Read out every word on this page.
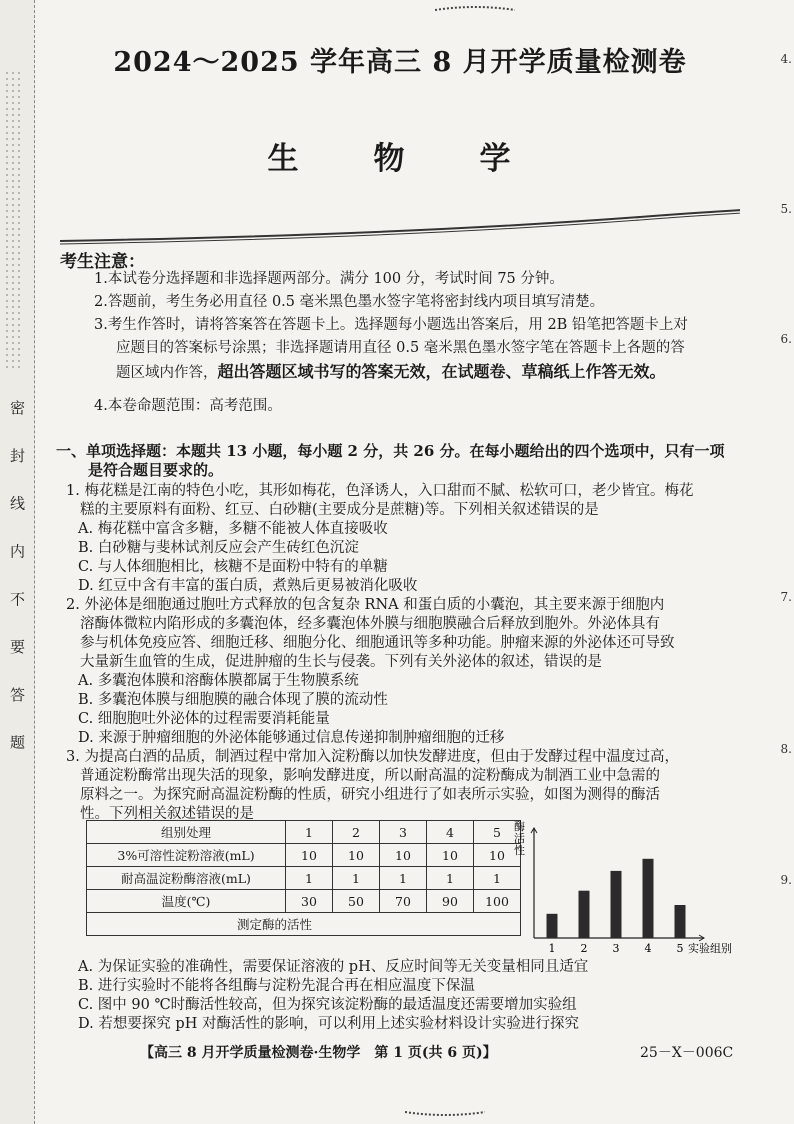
密 封 线 内 不 要 答 题
4.
5.
6.
7.
8.
9.
2024～2025 学年高三 8 月开学质量检测卷
生　物　学
考生注意：
1.本试卷分选择题和非选择题两部分。满分 100 分，考试时间 75 分钟。
2.答题前，考生务必用直径 0.5 毫米黑色墨水签字笔将密封线内项目填写清楚。
3.考生作答时，请将答案答在答题卡上。选择题每小题选出答案后，用 2B 铅笔把答题卡上对
应题目的答案标号涂黑；非选择题请用直径 0.5 毫米黑色墨水签字笔在答题卡上各题的答
题区域内作答，超出答题区域书写的答案无效，在试题卷、草稿纸上作答无效。
4.本卷命题范围：高考范围。
一、单项选择题：本题共 13 小题，每小题 2 分，共 26 分。在每小题给出的四个选项中，只有一项
是符合题目要求的。
1. 梅花糕是江南的特色小吃，其形如梅花，色泽诱人，入口甜而不腻、松软可口，老少皆宜。梅花
糕的主要原料有面粉、红豆、白砂糖(主要成分是蔗糖)等。下列相关叙述错误的是
A. 梅花糕中富含多糖，多糖不能被人体直接吸收
B. 白砂糖与斐林试剂反应会产生砖红色沉淀
C. 与人体细胞相比，核糖不是面粉中特有的单糖
D. 红豆中含有丰富的蛋白质，煮熟后更易被消化吸收
2. 外泌体是细胞通过胞吐方式释放的包含复杂 RNA 和蛋白质的小囊泡，其主要来源于细胞内
溶酶体微粒内陷形成的多囊泡体，经多囊泡体外膜与细胞膜融合后释放到胞外。外泌体具有
参与机体免疫应答、细胞迁移、细胞分化、细胞通讯等多种功能。肿瘤来源的外泌体还可导致
大量新生血管的生成，促进肿瘤的生长与侵袭。下列有关外泌体的叙述，错误的是
A. 多囊泡体膜和溶酶体膜都属于生物膜系统
B. 多囊泡体膜与细胞膜的融合体现了膜的流动性
C. 细胞胞吐外泌体的过程需要消耗能量
D. 来源于肿瘤细胞的外泌体能够通过信息传递抑制肿瘤细胞的迁移
3. 为提高白酒的品质，制酒过程中常加入淀粉酶以加快发酵进度，但由于发酵过程中温度过高，
普通淀粉酶常出现失活的现象，影响发酵进度，所以耐高温的淀粉酶成为制酒工业中急需的
原料之一。为探究耐高温淀粉酶的性质，研究小组进行了如表所示实验，如图为测得的酶活
性。下列相关叙述错误的是
组别处理	1	2	3	4	5
3%可溶性淀粉溶液(mL)	10	10	10	10	10
耐高温淀粉酶溶液(mL)	1	1	1	1	1
温度(℃)	30	50	70	90	100
测定酶的活性					
酶活性
1 2 3 4 5 实验组别
A. 为保证实验的准确性，需要保证溶液的 pH、反应时间等无关变量相同且适宜
B. 进行实验时不能将各组酶与淀粉先混合再在相应温度下保温
C. 图中 90 ℃时酶活性较高，但为探究该淀粉酶的最适温度还需要增加实验组
D. 若想要探究 pH 对酶活性的影响，可以利用上述实验材料设计实验进行探究
【高三 8 月开学质量检测卷·生物学　第 1 页(共 6 页)】	25－X－006C
